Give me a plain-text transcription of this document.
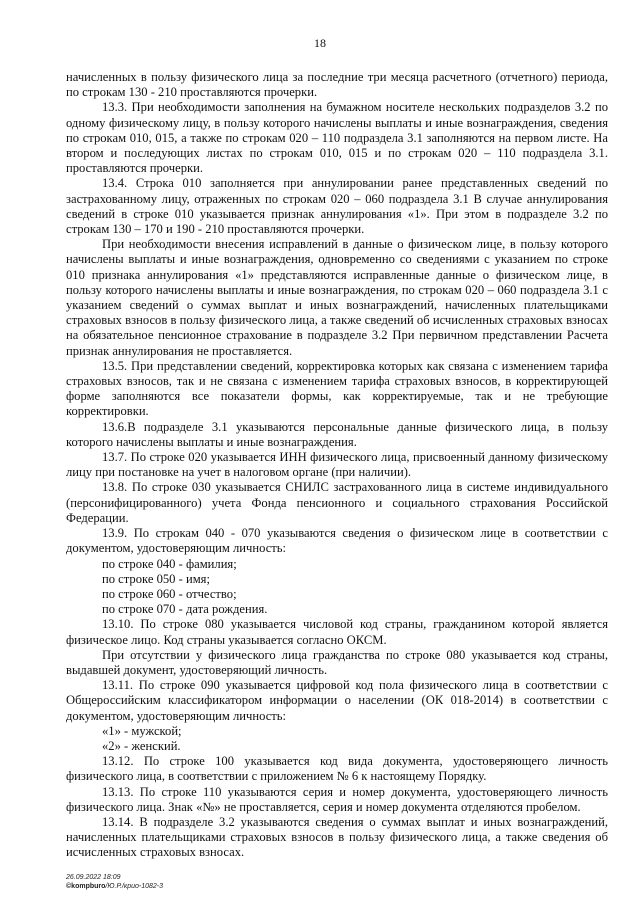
18

начисленных в пользу физического лица за последние три месяца расчетного (отчетного) периода, по строкам 130 - 210 проставляются прочерки.

13.3. При необходимости заполнения на бумажном носителе нескольких подразделов 3.2 по одному физическому лицу, в пользу которого начислены выплаты и иные вознаграждения, сведения по строкам 010, 015, а также по строкам 020 – 110 подраздела 3.1 заполняются на первом листе. На втором и последующих листах по строкам 010, 015 и по строкам 020 – 110 подраздела 3.1. проставляются прочерки.

13.4. Строка 010 заполняется при аннулировании ранее представленных сведений по застрахованному лицу, отраженных по строкам 020 – 060 подраздела 3.1 В случае аннулирования сведений в строке 010 указывается признак аннулирования «1». При этом в подразделе 3.2 по строкам 130 – 170 и 190 - 210 проставляются прочерки.

При необходимости внесения исправлений в данные о физическом лице, в пользу которого начислены выплаты и иные вознаграждения, одновременно со сведениями с указанием по строке 010 признака аннулирования «1» представляются исправленные данные о физическом лице, в пользу которого начислены выплаты и иные вознаграждения, по строкам 020 – 060 подраздела 3.1 с указанием сведений о суммах выплат и иных вознаграждений, начисленных плательщиками страховых взносов в пользу физического лица, а также сведений об исчисленных страховых взносах на обязательное пенсионное страхование в подразделе 3.2 При первичном представлении Расчета признак аннулирования не проставляется.

13.5. При представлении сведений, корректировка которых как связана с изменением тарифа страховых взносов, так и не связана с изменением тарифа страховых взносов, в корректирующей форме заполняются все показатели формы, как корректируемые, так и не требующие корректировки.

13.6.В подразделе 3.1 указываются персональные данные физического лица, в пользу которого начислены выплаты и иные вознаграждения.

13.7. По строке 020 указывается ИНН физического лица, присвоенный данному физическому лицу при постановке на учет в налоговом органе (при наличии).

13.8. По строке 030 указывается СНИЛС застрахованного лица в системе индивидуального (персонифицированного) учета Фонда пенсионного и социального страхования Российской Федерации.

13.9. По строкам 040 - 070 указываются сведения о физическом лице в соответствии с документом, удостоверяющим личность:

по строке 040 - фамилия;

по строке 050 - имя;

по строке 060 - отчество;

по строке 070 - дата рождения.

13.10. По строке 080 указывается числовой код страны, гражданином которой является физическое лицо. Код страны указывается согласно ОКСМ.

При отсутствии у физического лица гражданства по строке 080 указывается код страны, выдавшей документ, удостоверяющий личность.

13.11. По строке 090 указывается цифровой код пола физического лица в соответствии с Общероссийским классификатором информации о населении (ОК 018-2014) в соответствии с документом, удостоверяющим личность:

«1» - мужской;

«2» - женский.

13.12. По строке 100 указывается код вида документа, удостоверяющего личность физического лица, в соответствии с приложением № 6 к настоящему Порядку.

13.13. По строке 110 указываются серия и номер документа, удостоверяющего личность физического лица. Знак «№» не проставляется, серия и номер документа отделяются пробелом.

13.14. В подразделе 3.2 указываются сведения о суммах выплат и иных вознаграждений, начисленных плательщиками страховых взносов в пользу физического лица, а также сведения об исчисленных страховых взносах.

26.09.2022 18:09
©kompburo/Ю.Р./крио-1082-3
